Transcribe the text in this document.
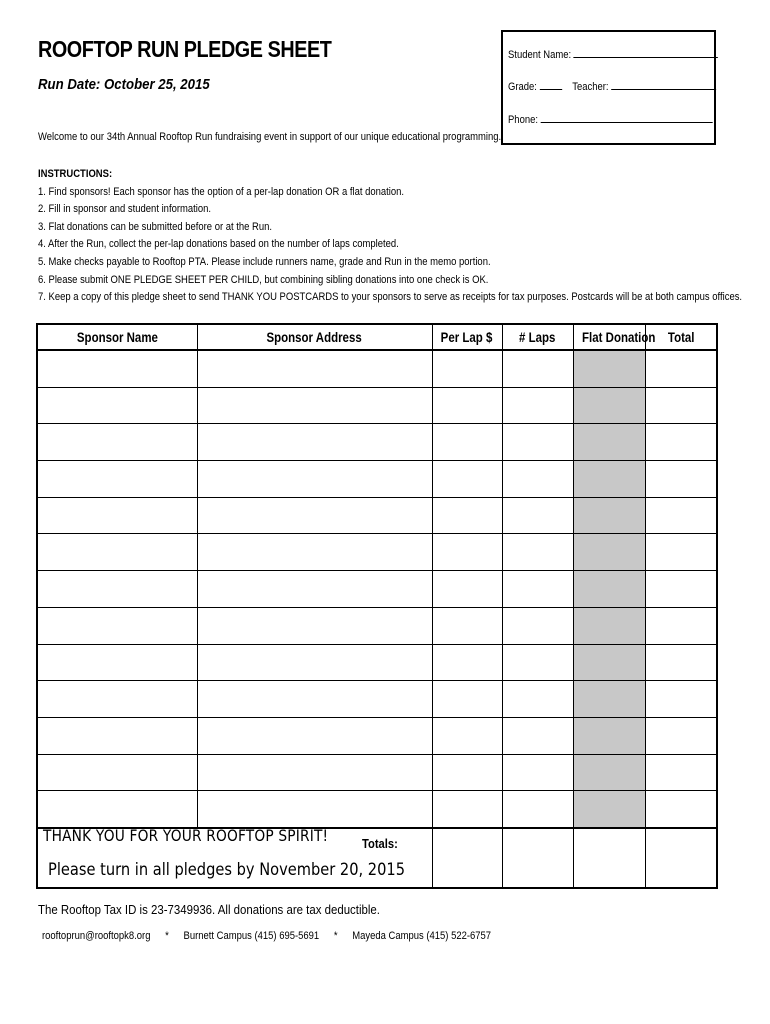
ROOFTOP RUN PLEDGE SHEET
Run Date: October 25, 2015
Student Name:
Grade:	Teacher:
Phone:
Welcome to our 34th Annual Rooftop Run fundraising event in support of our unique educational programming.
INSTRUCTIONS:
1. Find sponsors! Each sponsor has the option of a per-lap donation OR a flat donation.
2. Fill in sponsor and student information.
3. Flat donations can be submitted before or at the Run.
4. After the Run, collect the per-lap donations based on the number of laps completed.
5. Make checks payable to Rooftop PTA. Please include runners name, grade and Run in the memo portion.
6. Please submit ONE PLEDGE SHEET PER CHILD, but combining sibling donations into one check is OK.
7. Keep a copy of this pledge sheet to send THANK YOU POSTCARDS to your sponsors to serve as receipts for tax purposes. Postcards will be at both campus offices.
Sponsor Name	Sponsor Address	Per Lap $	# Laps	Flat Donation	Total

THANK YOU FOR YOUR ROOFTOP SPIRIT!
Please turn in all pledges by November 20, 2015
Totals:
The Rooftop Tax ID is 23-7349936. All donations are tax deductible.
rooftoprun@rooftopk8.org * Burnett Campus (415) 695-5691 * Mayeda Campus (415) 522-6757
